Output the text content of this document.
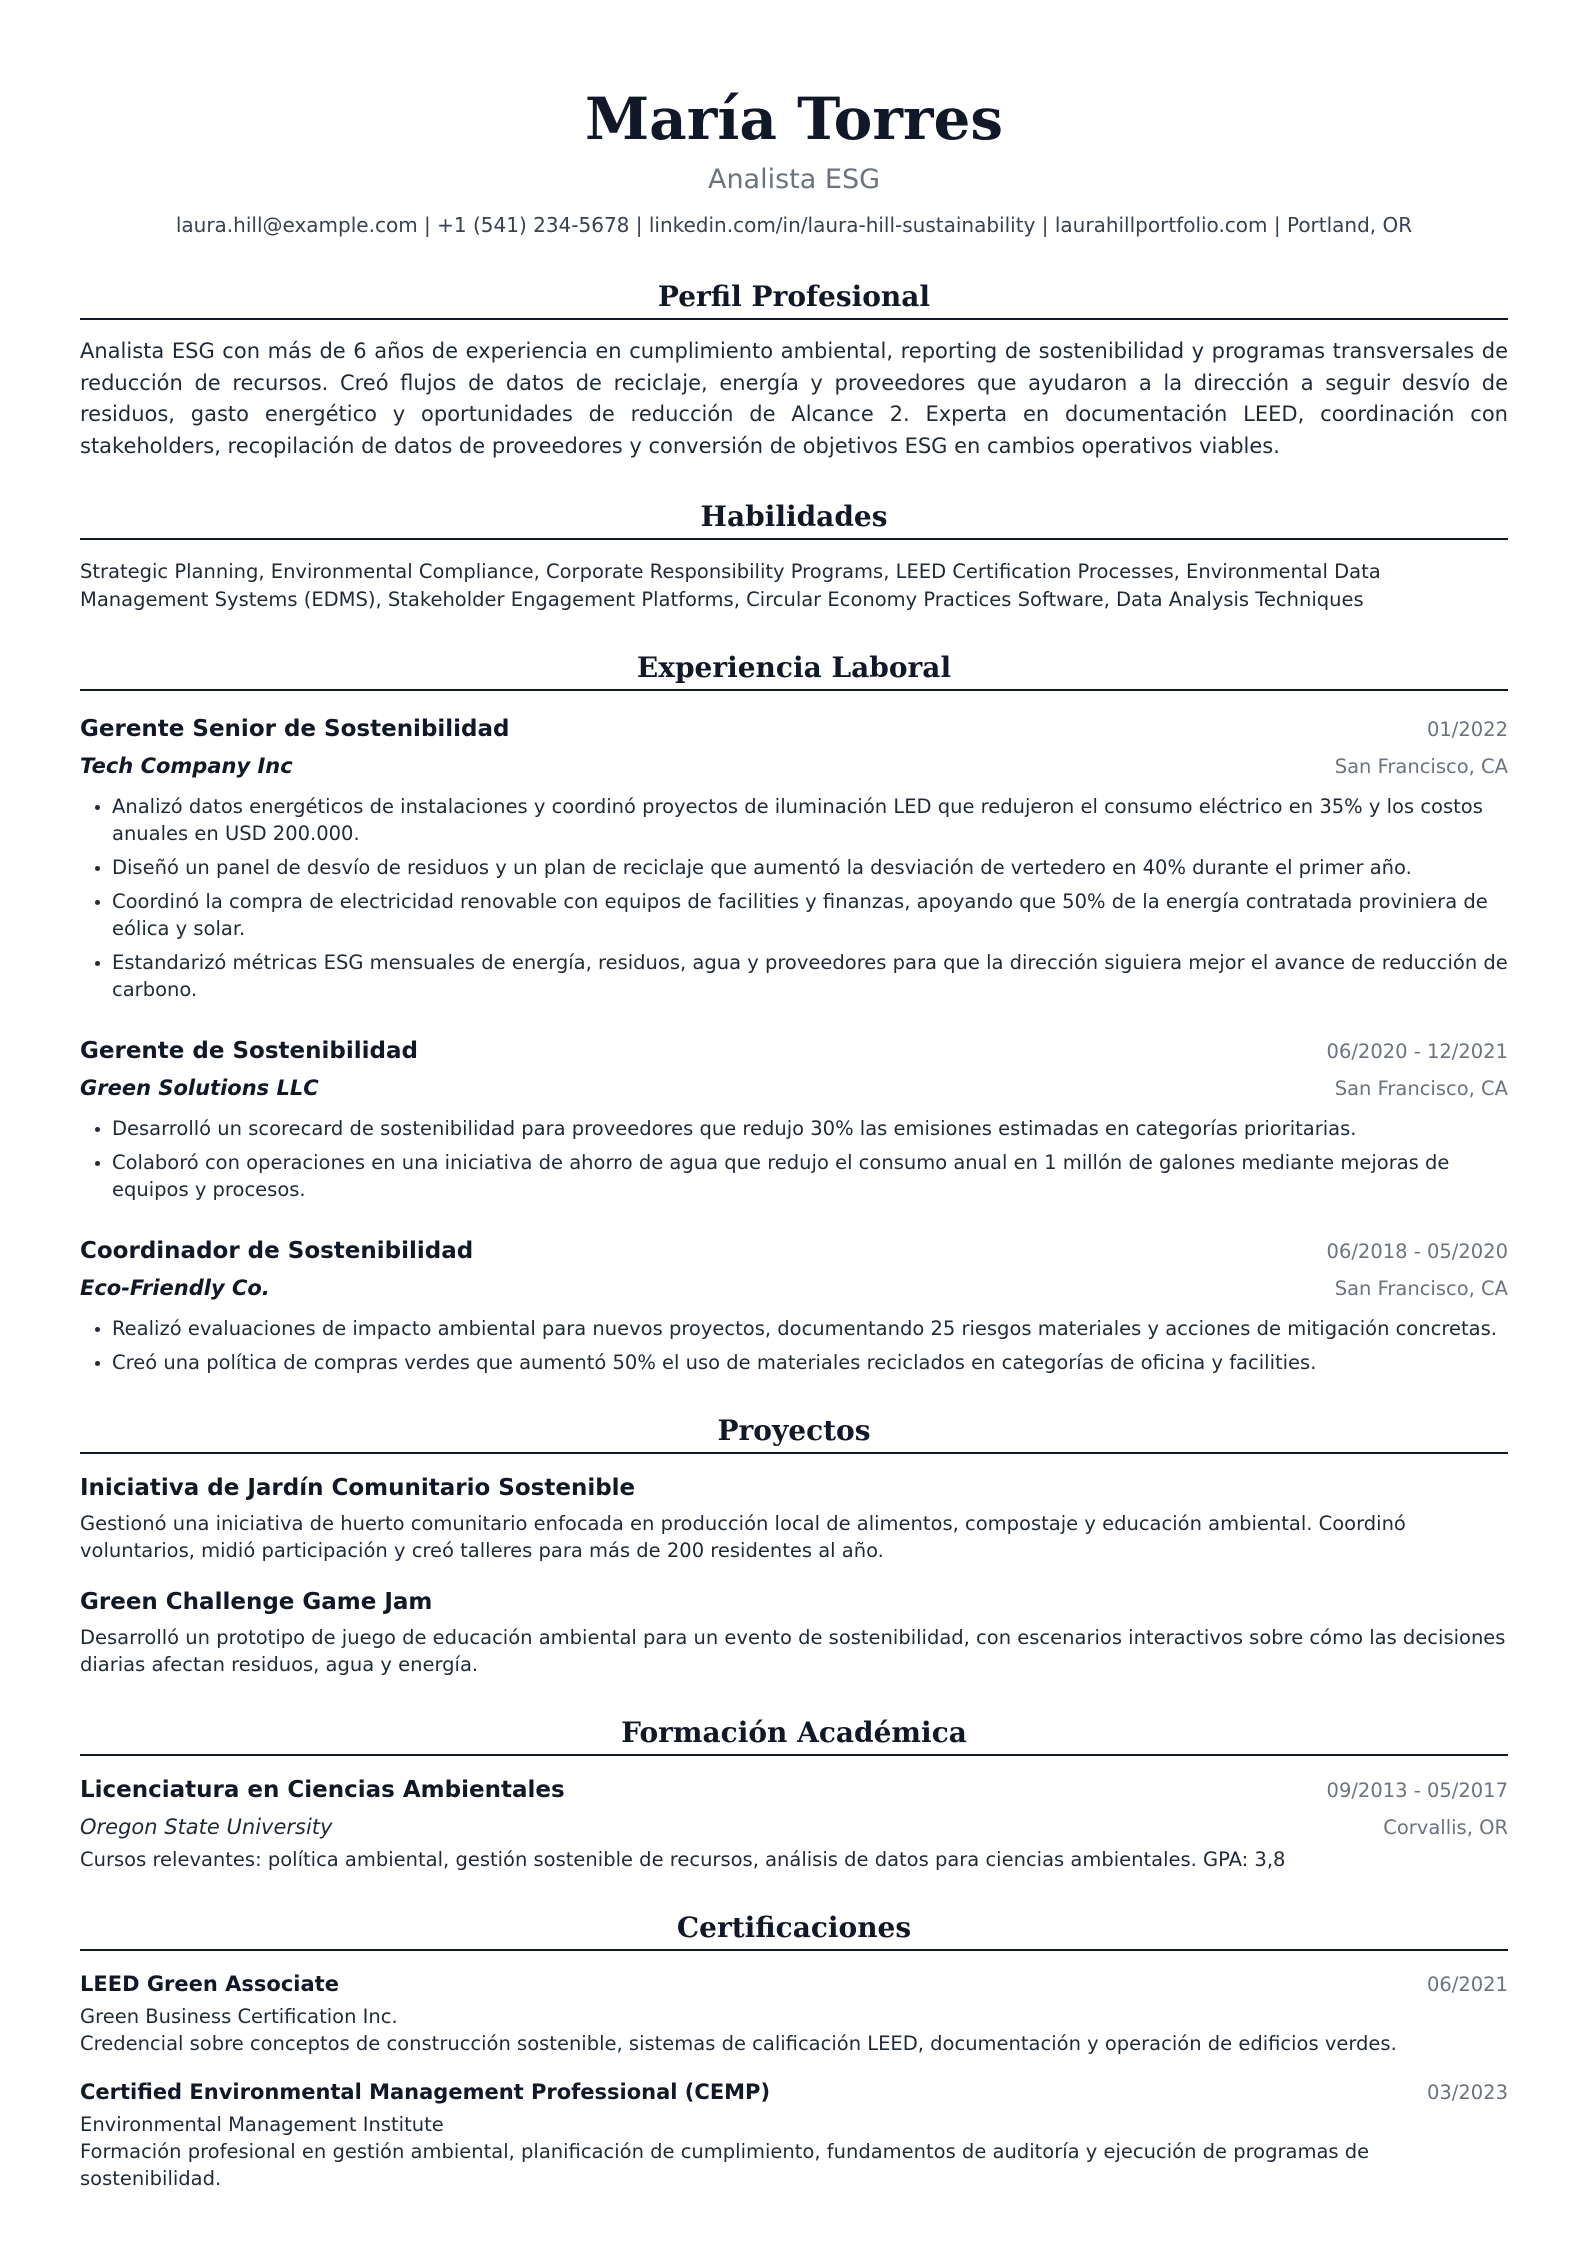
María Torres
Analista ESG
laura.hill@example.com | +1 (541) 234-5678 | linkedin.com/in/laura-hill-sustainability | laurahillportfolio.com | Portland, OR
Perfil Profesional
Analista ESG con más de 6 años de experiencia en cumplimiento ambiental, reporting de sostenibilidad y programas transversales de reducción de recursos. Creó flujos de datos de reciclaje, energía y proveedores que ayudaron a la dirección a seguir desvío de residuos, gasto energético y oportunidades de reducción de Alcance 2. Experta en documentación LEED, coordinación con stakeholders, recopilación de datos de proveedores y conversión de objetivos ESG en cambios operativos viables.
Habilidades
Strategic Planning, Environmental Compliance, Corporate Responsibility Programs, LEED Certification Processes, Environmental Data Management Systems (EDMS), Stakeholder Engagement Platforms, Circular Economy Practices Software, Data Analysis Techniques
Experiencia Laboral
Gerente Senior de Sostenibilidad	01/2022
Tech Company Inc	San Francisco, CA
Analizó datos energéticos de instalaciones y coordinó proyectos de iluminación LED que redujeron el consumo eléctrico en 35% y los costos anuales en USD 200.000.
Diseñó un panel de desvío de residuos y un plan de reciclaje que aumentó la desviación de vertedero en 40% durante el primer año.
Coordinó la compra de electricidad renovable con equipos de facilities y finanzas, apoyando que 50% de la energía contratada proviniera de eólica y solar.
Estandarizó métricas ESG mensuales de energía, residuos, agua y proveedores para que la dirección siguiera mejor el avance de reducción de carbono.
Gerente de Sostenibilidad	06/2020 - 12/2021
Green Solutions LLC	San Francisco, CA
Desarrolló un scorecard de sostenibilidad para proveedores que redujo 30% las emisiones estimadas en categorías prioritarias.
Colaboró con operaciones en una iniciativa de ahorro de agua que redujo el consumo anual en 1 millón de galones mediante mejoras de equipos y procesos.
Coordinador de Sostenibilidad	06/2018 - 05/2020
Eco-Friendly Co.	San Francisco, CA
Realizó evaluaciones de impacto ambiental para nuevos proyectos, documentando 25 riesgos materiales y acciones de mitigación concretas.
Creó una política de compras verdes que aumentó 50% el uso de materiales reciclados en categorías de oficina y facilities.
Proyectos
Iniciativa de Jardín Comunitario Sostenible
Gestionó una iniciativa de huerto comunitario enfocada en producción local de alimentos, compostaje y educación ambiental. Coordinó voluntarios, midió participación y creó talleres para más de 200 residentes al año.
Green Challenge Game Jam
Desarrolló un prototipo de juego de educación ambiental para un evento de sostenibilidad, con escenarios interactivos sobre cómo las decisiones diarias afectan residuos, agua y energía.
Formación Académica
Licenciatura en Ciencias Ambientales	09/2013 - 05/2017
Oregon State University	Corvallis, OR
Cursos relevantes: política ambiental, gestión sostenible de recursos, análisis de datos para ciencias ambientales. GPA: 3,8
Certificaciones
LEED Green Associate	06/2021
Green Business Certification Inc.
Credencial sobre conceptos de construcción sostenible, sistemas de calificación LEED, documentación y operación de edificios verdes.
Certified Environmental Management Professional (CEMP)	03/2023
Environmental Management Institute
Formación profesional en gestión ambiental, planificación de cumplimiento, fundamentos de auditoría y ejecución de programas de sostenibilidad.
